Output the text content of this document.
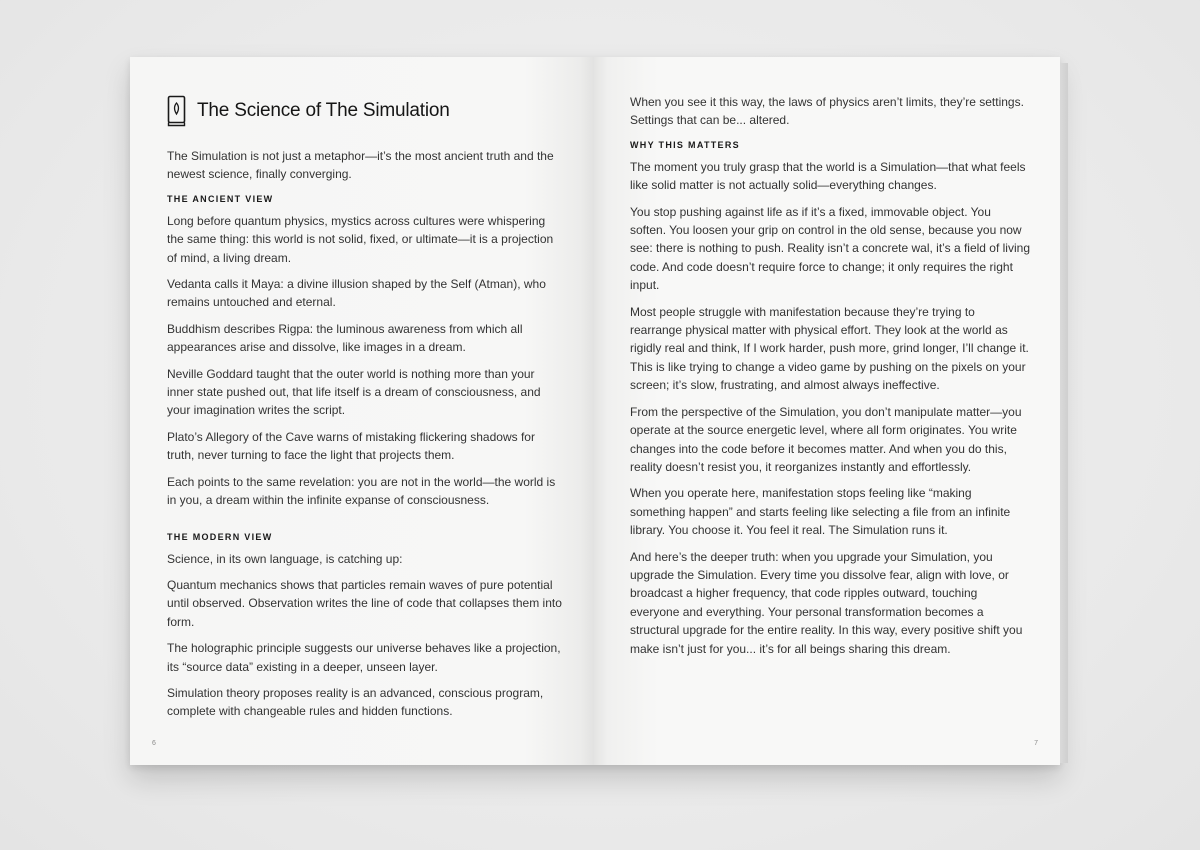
The Science of The Simulation

The Simulation is not just a metaphor—it’s the most ancient truth and the newest science, finally converging.

THE ANCIENT VIEW

Long before quantum physics, mystics across cultures were whispering the same thing: this world is not solid, fixed, or ultimate—it is a projection of mind, a living dream.

Vedanta calls it Maya: a divine illusion shaped by the Self (Atman), who remains untouched and eternal.

Buddhism describes Rigpa: the luminous awareness from which all appearances arise and dissolve, like images in a dream.

Neville Goddard taught that the outer world is nothing more than your inner state pushed out, that life itself is a dream of consciousness, and your imagination writes the script.

Plato’s Allegory of the Cave warns of mistaking flickering shadows for truth, never turning to face the light that projects them.

Each points to the same revelation: you are not in the world—the world is in you, a dream within the infinite expanse of consciousness.

THE MODERN VIEW

Science, in its own language, is catching up:

Quantum mechanics shows that particles remain waves of pure potential until observed. Observation writes the line of code that collapses them into form.

The holographic principle suggests our universe behaves like a projection, its “source data” existing in a deeper, unseen layer.

Simulation theory proposes reality is an advanced, conscious program, complete with changeable rules and hidden functions.

6

When you see it this way, the laws of physics aren’t limits, they’re settings. Settings that can be... altered.

WHY THIS MATTERS

The moment you truly grasp that the world is a Simulation—that what feels like solid matter is not actually solid—everything changes.

You stop pushing against life as if it’s a fixed, immovable object. You soften. You loosen your grip on control in the old sense, because you now see: there is nothing to push. Reality isn’t a concrete wal, it’s a field of living code. And code doesn’t require force to change; it only requires the right input.

Most people struggle with manifestation because they’re trying to rearrange physical matter with physical effort. They look at the world as rigidly real and think, If I work harder, push more, grind longer, I’ll change it. This is like trying to change a video game by pushing on the pixels on your screen; it’s slow, frustrating, and almost always ineffective.

From the perspective of the Simulation, you don’t manipulate matter—you operate at the source energetic level, where all form originates. You write changes into the code before it becomes matter. And when you do this, reality doesn’t resist you, it reorganizes instantly and effortlessly.

When you operate here, manifestation stops feeling like “making something happen” and starts feeling like selecting a file from an infinite library. You choose it. You feel it real. The Simulation runs it.

And here’s the deeper truth: when you upgrade your Simulation, you upgrade the Simulation. Every time you dissolve fear, align with love, or broadcast a higher frequency, that code ripples outward, touching everyone and everything. Your personal transformation becomes a structural upgrade for the entire reality. In this way, every positive shift you make isn’t just for you... it’s for all beings sharing this dream.

7
